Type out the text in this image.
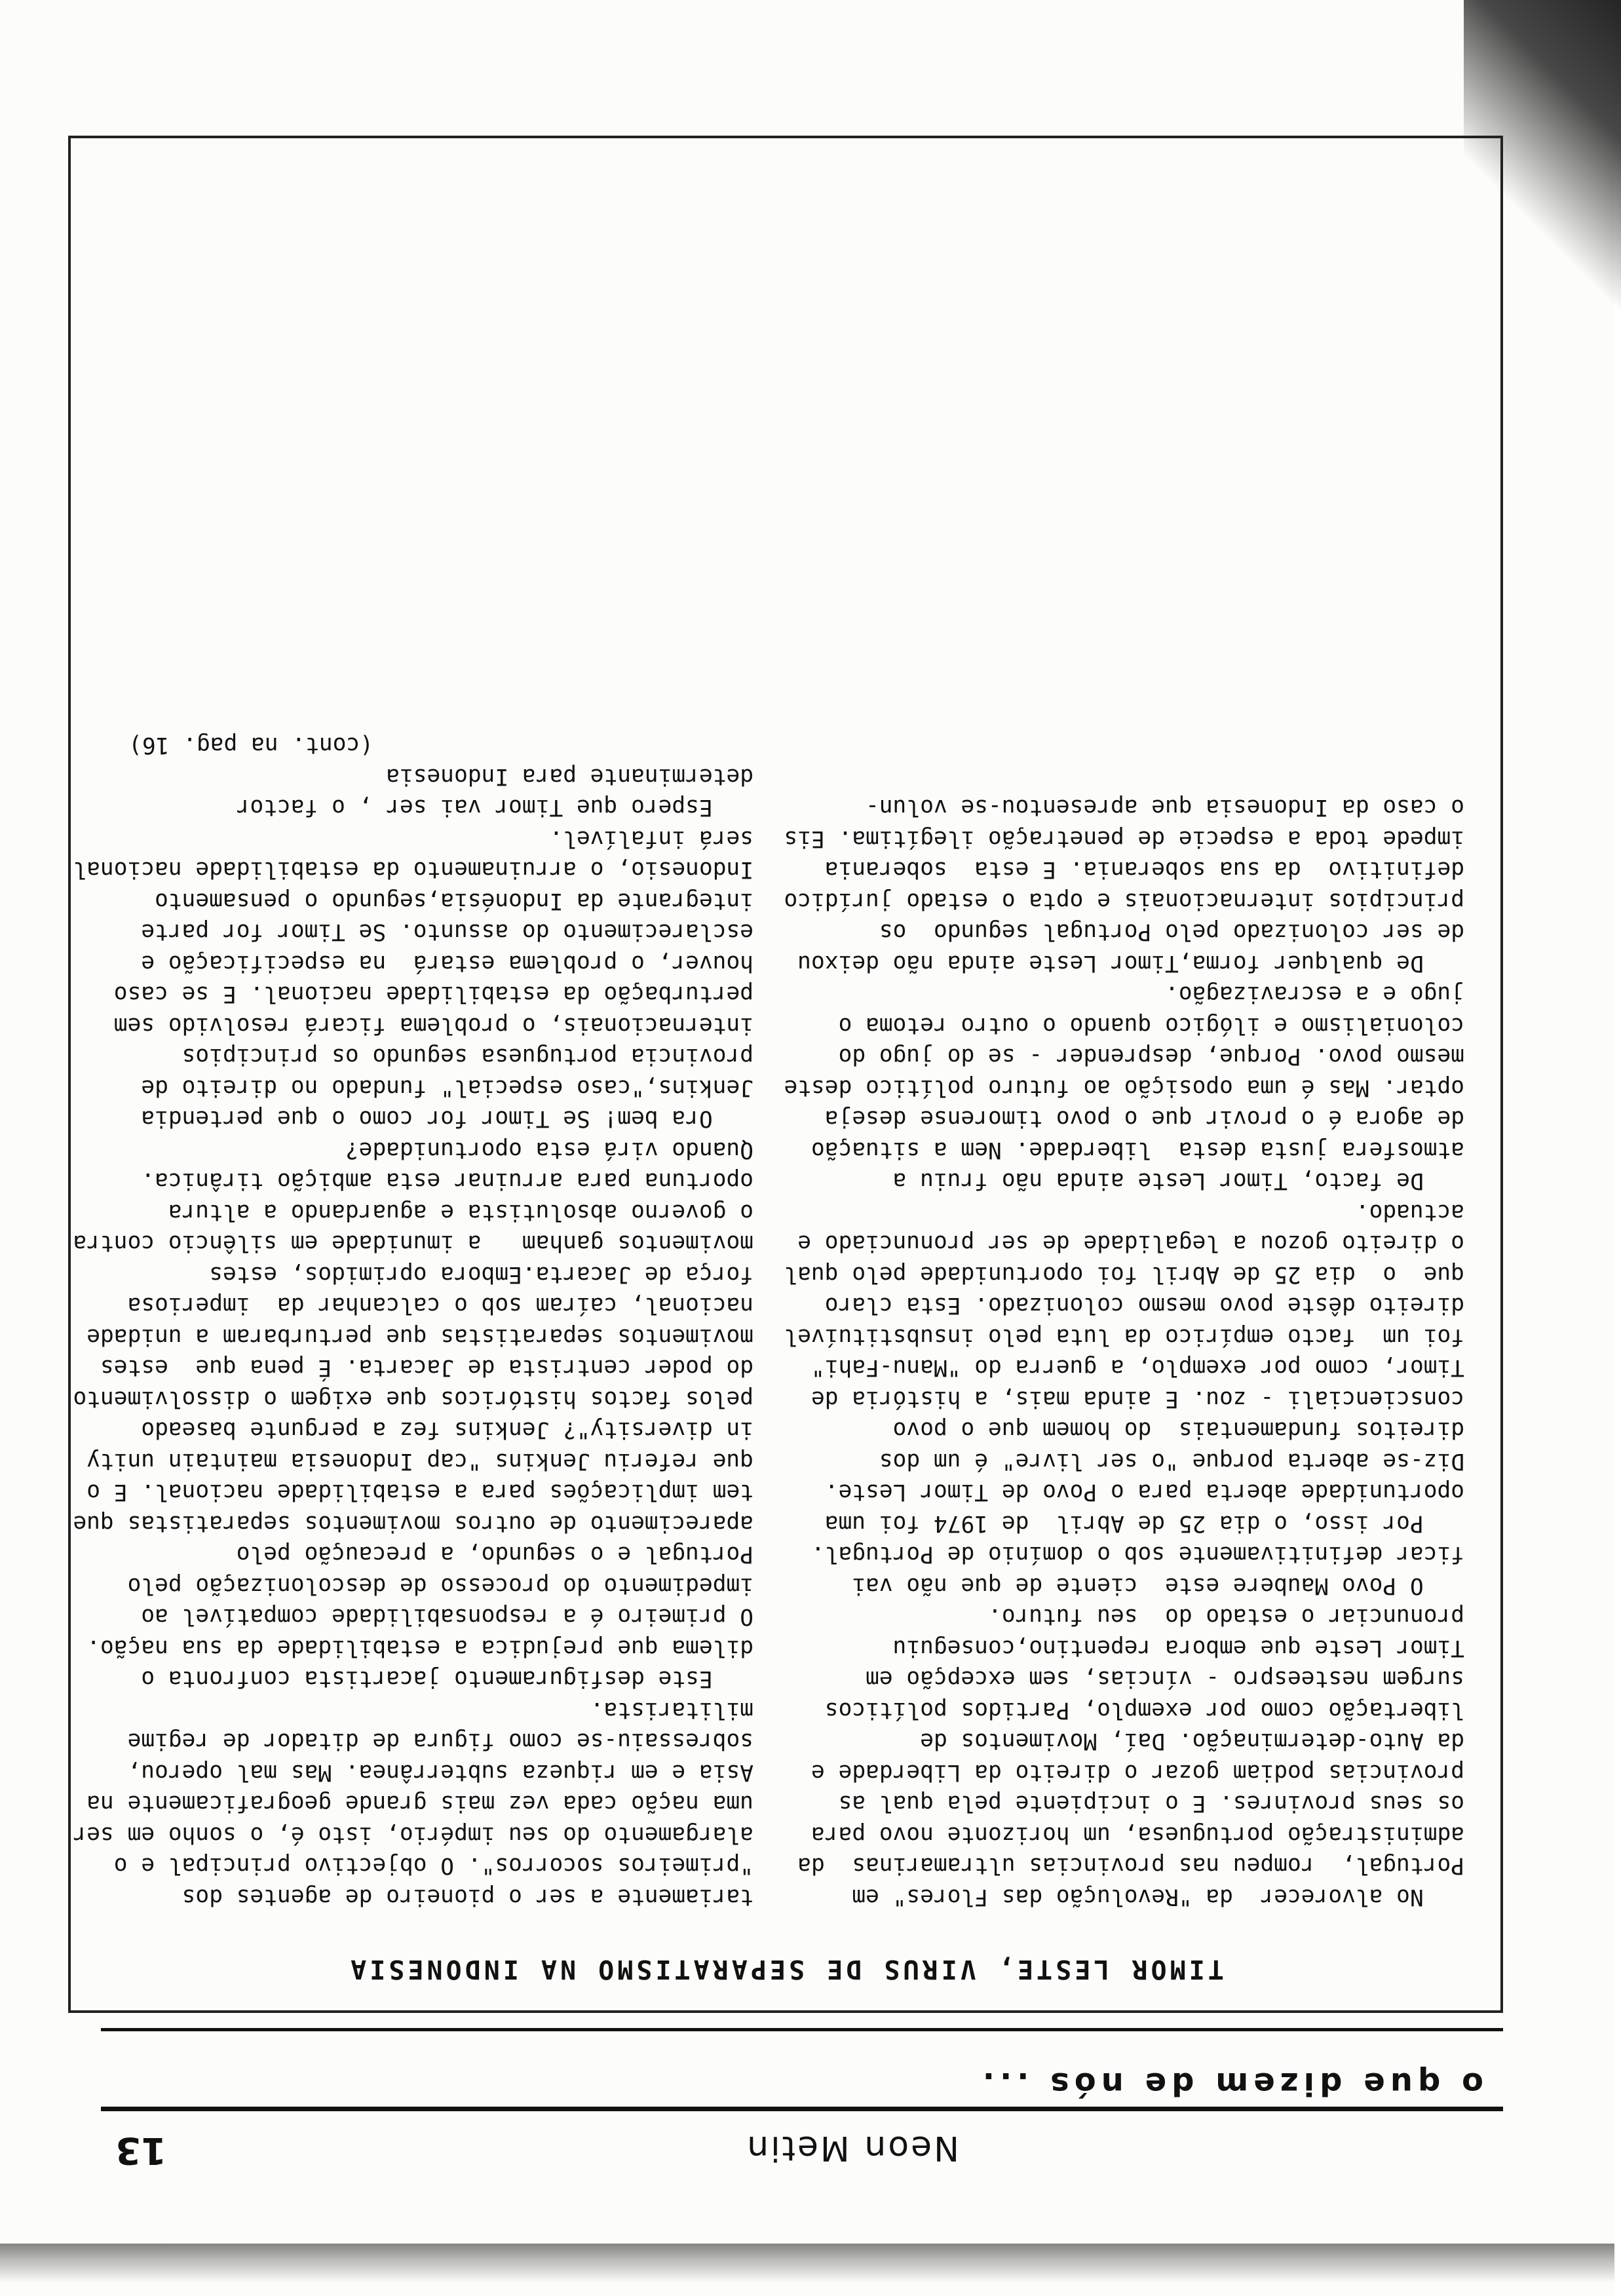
Neon Metin
13
o que dizem de nós ...
TIMOR LESTE, VIRUS DE SEPARATISMO NA INDONESIA

No alvorecer  da "Revolução das Flores" em Portugal,  rompeu nas provincias ultramarinas  da administração portuguesa, um horizonte novo para os seus provinres. E o incipiente pela qual as provincias podiam gozar o direito da Liberdade e da Auto-determinação. Daí, Movimentos de libertação como por exemplo, Partidos políticos surgem nesteespro - víncias, sem excepção em  Timor Leste que embora repentino,conseguiu pronunciar o estado do  seu futuro.

O Povo Maubere este  ciente de que não vai ficar definitivamente sob o domínio de Portugal.

Por isso, o dia 25 de Abril  de 1974 foi uma oportunidade aberta para o Povo de Timor Leste. Diz-se aberta porque "o ser livre" é um dos direitos fundamentais  do homem que o povo conscienciali - zou. E ainda mais, a história de Timor, como por exemplo, a guerra do "Manu-Fahi" foi um  facto empírico da luta pelo insubstituível direito dêste povo mesmo colonizado. Esta claro que  o  dia 25 de Abril foi oportunidade pelo qual o direito gozou a legalidade de ser pronunciado e actuado.

De facto, Timor Leste ainda não fruiu a atmosfera justa desta  liberdade. Nem a situação de agora é o provir que o povo timorense deseja optar. Mas é uma oposição ao futuro político deste mesmo povo. Porque, desprender - se do jugo do colonialismo e ilógico quando o outro retoma o jugo e a escravizagão.

De qualquer forma,Timor Leste ainda não deixou de ser colonizado pelo Portugal segundo  os principios internacionais e opta o estado jurídico definitivo  da sua soberania. E esta  soberania impede toda a especie de penetração ilegítima. Eis o caso da Indonesia que apresentou-se volun-

tariamente a ser o pioneiro de agentes dos "primeiros socorros". O objectivo principal e o alargamento do seu império, isto é, o sonho em ser uma nação cada vez mais grande geograficamente na Asia e em riqueza subterrânea. Mas mal operou, sobressaiu-se como figura de ditador de regime militarista.

Este desfiguramento jacartista confronta o dilema que prejudica a estabilidade da sua nação. O primeiro é a responsabilidade compatível ao impedimento do processo de descolonização pelo Portugal e o segundo, a precaução pelo aparecimento de outros movimentos separatistas que tem implicações para a estabilidade nacional. E o que referiu Jenkins "cap Indonesia maintain unity in diversity"? Jenkins fez a pergunte baseado pelos factos históricos que exigem o dissolvimento do poder centrista de Jacarta. É pena que  estes movimentos separatistas que perturbaram a unidade nacional, caíram sob o calcanhar da  imperiosa força de Jacarta.Embora oprimidos, estes movimentos ganham   a imunidade em silêncio contra o governo absolutista e aguardando a altura oportuna para arruinar esta ambição tirânica. Quando virá esta oportunidade?

Ora bem! Se Timor for como o que pertendia Jenkins,"caso especial" fundado no direito de provincia portuguesa segundo os principios internacionais, o problema ficará resolvido sem  perturbação da estabilidade nacional. E se caso houver, o problema estará  na especificação e esclarecimento do assunto. Se Timor for parte integrante da Indonésia,segundo o pensamento Indonesio, o arruinamento da estabilidade nacional será infalível.

Espero que Timor vai ser , o factor determinante para Indonesia

(cont. na pag. 16)
